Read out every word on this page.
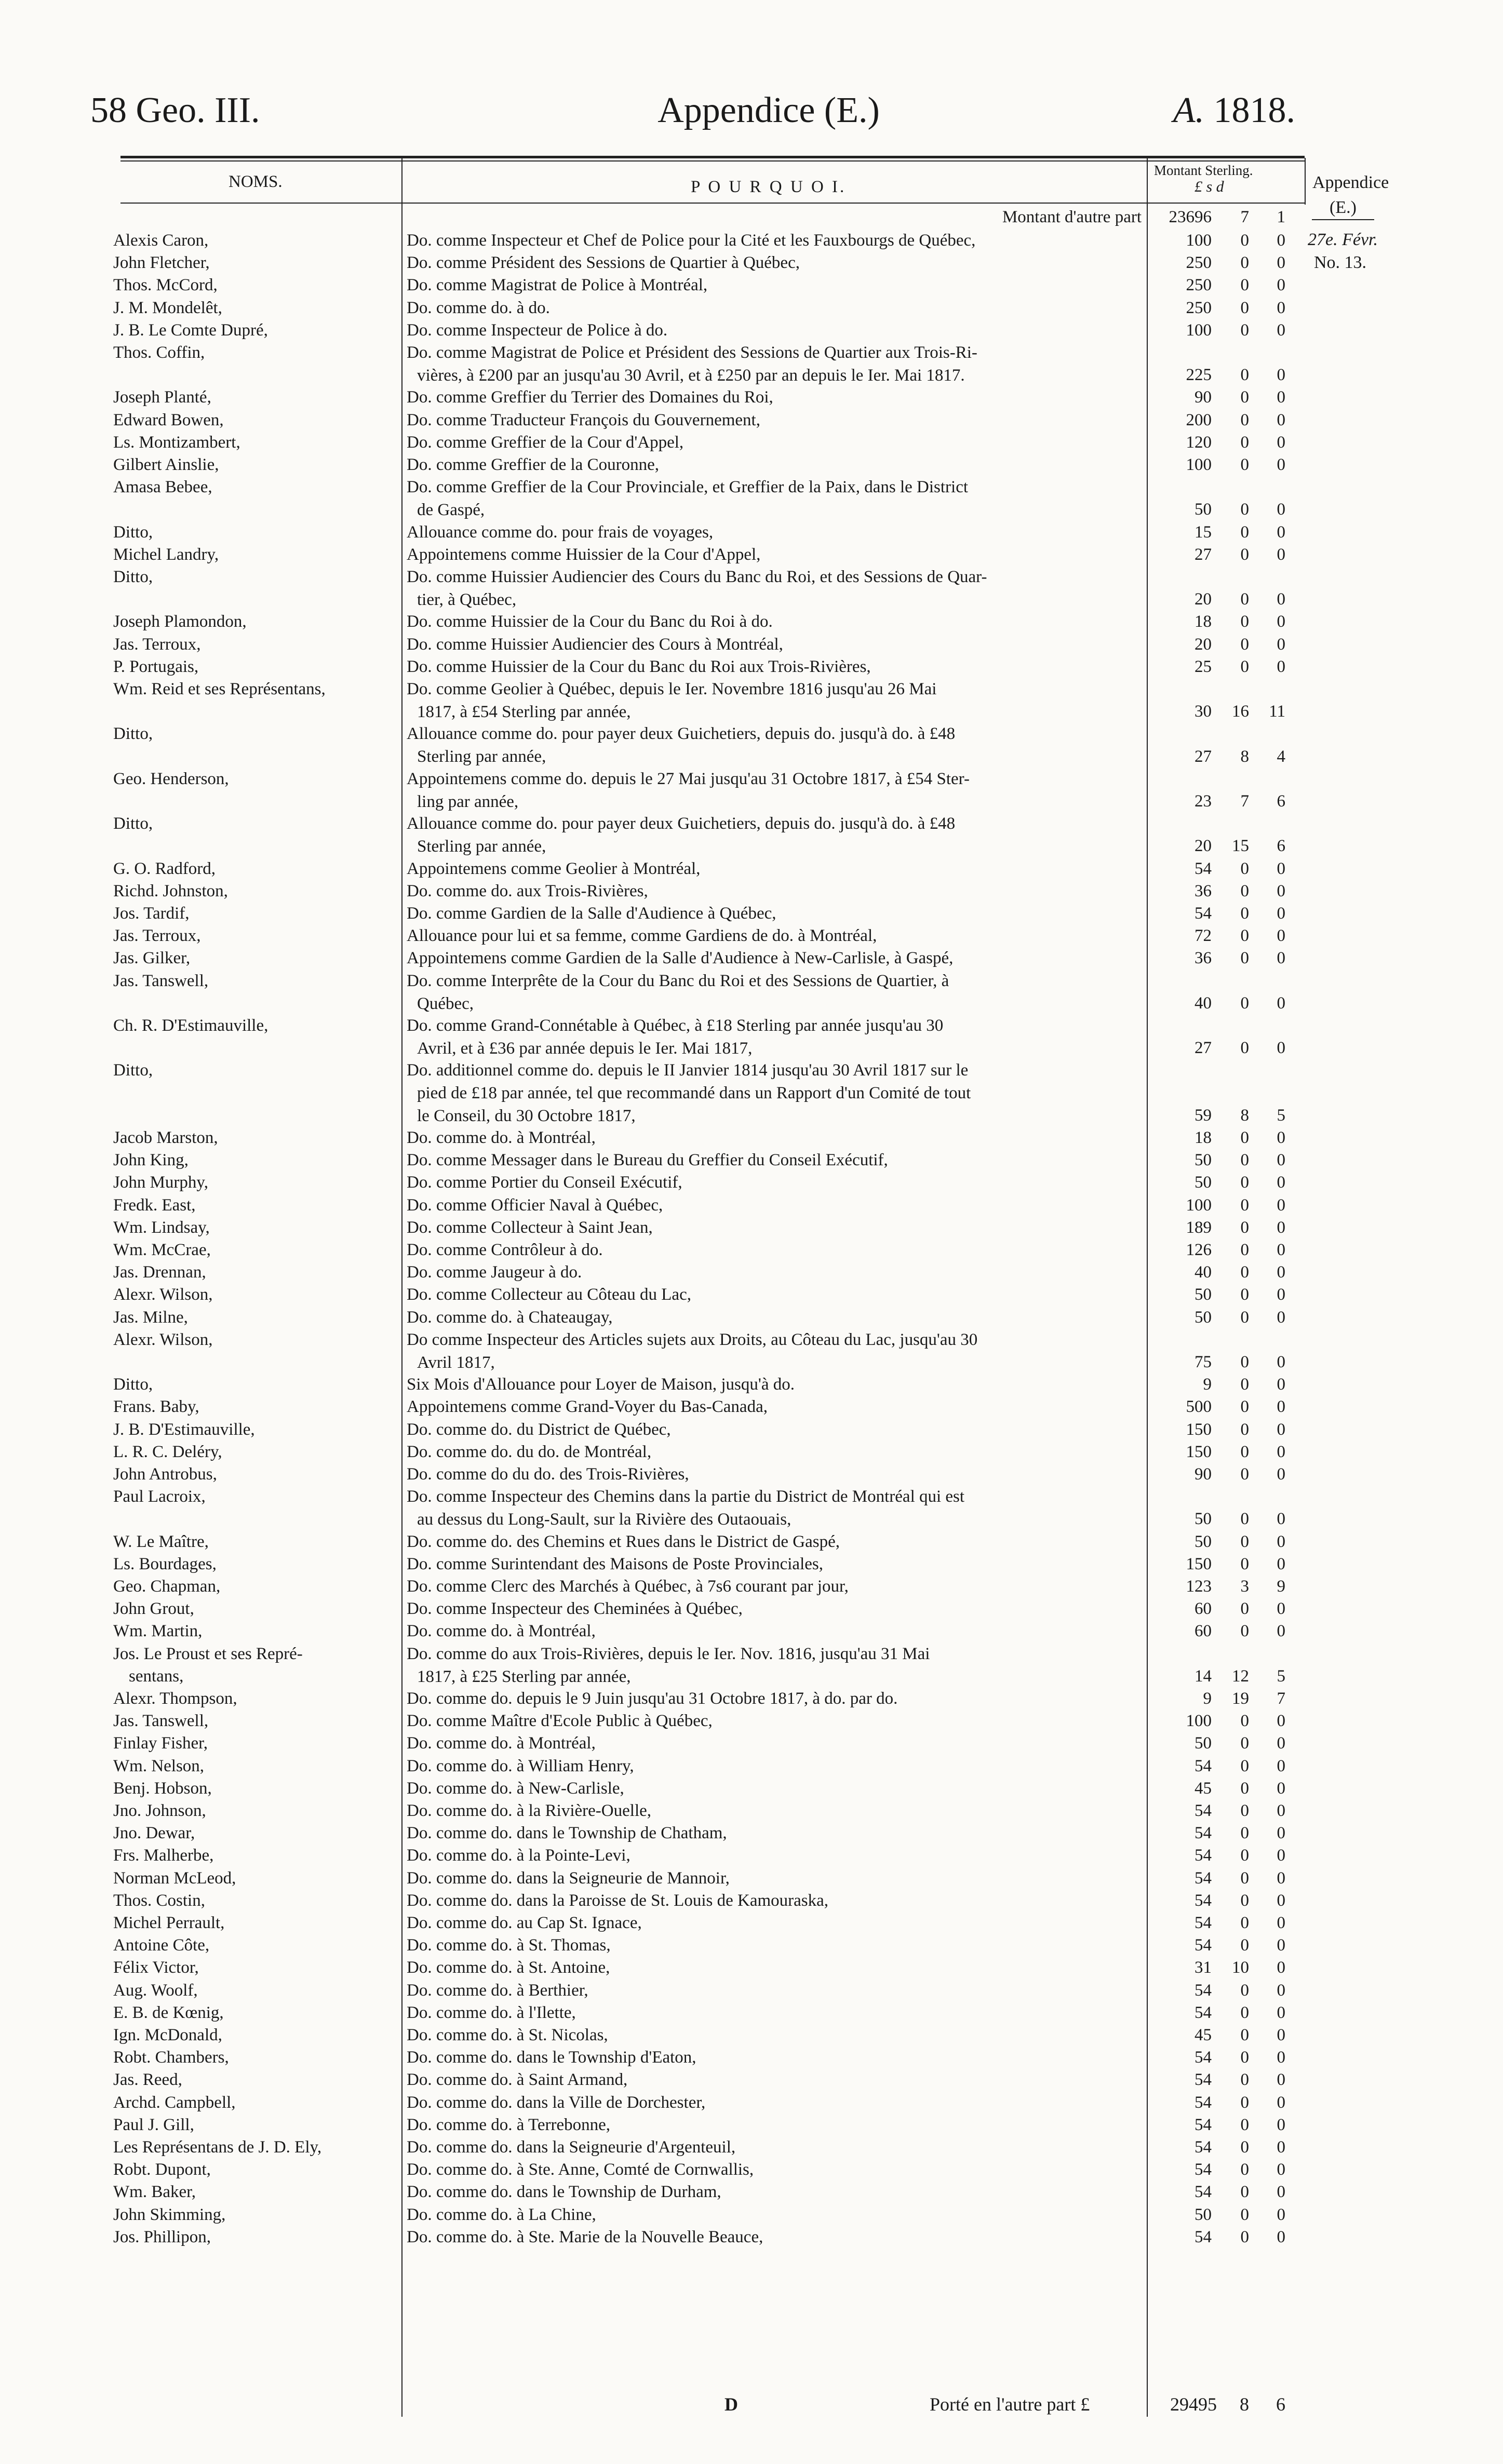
58 Geo. III.	Appendice (E.)	A. 1818.
NOMS.	P O U R Q U O I.
Montant Sterling.
£ s d	Appendice
(E.)
27e. Févr.
No. 13.
Montant d'autre part	23696	7	1
Alexis Caron,	Do. comme Inspecteur et Chef de Police pour la Cité et les Fauxbourgs de Québec,	100	0	0
John Fletcher,	Do. comme Président des Sessions de Quartier à Québec,	250	0	0
Thos. McCord,	Do. comme Magistrat de Police à Montréal,	250	0	0
J. M. Mondelêt,	Do. comme do. à do.	250	0	0
J. B. Le Comte Dupré,	Do. comme Inspecteur de Police à do.	100	0	0
Thos. Coffin,	Do. comme Magistrat de Police et Président des Sessions de Quartier aux Trois-Ri-
vières, à £200 par an jusqu'au 30 Avril, et à £250 par an depuis le Ier. Mai 1817.	225	0	0
Joseph Planté,	Do. comme Greffier du Terrier des Domaines du Roi,	90	0	0
Edward Bowen,	Do. comme Traducteur François du Gouvernement,	200	0	0
Ls. Montizambert,	Do. comme Greffier de la Cour d'Appel,	120	0	0
Gilbert Ainslie,	Do. comme Greffier de la Couronne,	100	0	0
Amasa Bebee,	Do. comme Greffier de la Cour Provinciale, et Greffier de la Paix, dans le District
de Gaspé,	50	0	0
Ditto,	Allouance comme do. pour frais de voyages,	15	0	0
Michel Landry,	Appointemens comme Huissier de la Cour d'Appel,	27	0	0
Ditto,	Do. comme Huissier Audiencier des Cours du Banc du Roi, et des Sessions de Quar-
tier, à Québec,	20	0	0
Joseph Plamondon,	Do. comme Huissier de la Cour du Banc du Roi à do.	18	0	0
Jas. Terroux,	Do. comme Huissier Audiencier des Cours à Montréal,	20	0	0
P. Portugais,	Do. comme Huissier de la Cour du Banc du Roi aux Trois-Rivières,	25	0	0
Wm. Reid et ses Représentans,	Do. comme Geolier à Québec, depuis le Ier. Novembre 1816 jusqu'au 26 Mai
1817, à £54 Sterling par année,	30	16	11
Ditto,	Allouance comme do. pour payer deux Guichetiers, depuis do. jusqu'à do. à £48
Sterling par année,	27	8	4
Geo. Henderson,	Appointemens comme do. depuis le 27 Mai jusqu'au 31 Octobre 1817, à £54 Ster-
ling par année,	23	7	6
Ditto,	Allouance comme do. pour payer deux Guichetiers, depuis do. jusqu'à do. à £48
Sterling par année,	20	15	6
G. O. Radford,	Appointemens comme Geolier à Montréal,	54	0	0
Richd. Johnston,	Do. comme do. aux Trois-Rivières,	36	0	0
Jos. Tardif,	Do. comme Gardien de la Salle d'Audience à Québec,	54	0	0
Jas. Terroux,	Allouance pour lui et sa femme, comme Gardiens de do. à Montréal,	72	0	0
Jas. Gilker,	Appointemens comme Gardien de la Salle d'Audience à New-Carlisle, à Gaspé,	36	0	0
Jas. Tanswell,	Do. comme Interprête de la Cour du Banc du Roi et des Sessions de Quartier, à
Québec,	40	0	0
Ch. R. D'Estimauville,	Do. comme Grand-Connétable à Québec, à £18 Sterling par année jusqu'au 30
Avril, et à £36 par année depuis le Ier. Mai 1817,	27	0	0
Ditto,	Do. additionnel comme do. depuis le II Janvier 1814 jusqu'au 30 Avril 1817 sur le
pied de £18 par année, tel que recommandé dans un Rapport d'un Comité de tout
le Conseil, du 30 Octobre 1817,	59	8	5
Jacob Marston,	Do. comme do. à Montréal,	18	0	0
John King,	Do. comme Messager dans le Bureau du Greffier du Conseil Exécutif,	50	0	0
John Murphy,	Do. comme Portier du Conseil Exécutif,	50	0	0
Fredk. East,	Do. comme Officier Naval à Québec,	100	0	0
Wm. Lindsay,	Do. comme Collecteur à Saint Jean,	189	0	0
Wm. McCrae,	Do. comme Contrôleur à do.	126	0	0
Jas. Drennan,	Do. comme Jaugeur à do.	40	0	0
Alexr. Wilson,	Do. comme Collecteur au Côteau du Lac,	50	0	0
Jas. Milne,	Do. comme do. à Chateaugay,	50	0	0
Alexr. Wilson,	Do comme Inspecteur des Articles sujets aux Droits, au Côteau du Lac, jusqu'au 30
Avril 1817,	75	0	0
Ditto,	Six Mois d'Allouance pour Loyer de Maison, jusqu'à do.	9	0	0
Frans. Baby,	Appointemens comme Grand-Voyer du Bas-Canada,	500	0	0
J. B. D'Estimauville,	Do. comme do. du District de Québec,	150	0	0
L. R. C. Deléry,	Do. comme do. du do. de Montréal,	150	0	0
John Antrobus,	Do. comme do du do. des Trois-Rivières,	90	0	0
Paul Lacroix,	Do. comme Inspecteur des Chemins dans la partie du District de Montréal qui est
au dessus du Long-Sault, sur la Rivière des Outaouais,	50	0	0
W. Le Maître,	Do. comme do. des Chemins et Rues dans le District de Gaspé,	50	0	0
Ls. Bourdages,	Do. comme Surintendant des Maisons de Poste Provinciales,	150	0	0
Geo. Chapman,	Do. comme Clerc des Marchés à Québec, à 7s6 courant par jour,	123	3	9
John Grout,	Do. comme Inspecteur des Cheminées à Québec,	60	0	0
Wm. Martin,	Do. comme do. à Montréal,	60	0	0
Jos. Le Proust et ses Repré-
sentans,
Do. comme do aux Trois-Rivières, depuis le Ier. Nov. 1816, jusqu'au 31 Mai
1817, à £25 Sterling par année,	14	12	5
Alexr. Thompson,	Do. comme do. depuis le 9 Juin jusqu'au 31 Octobre 1817, à do. par do.	9	19	7
Jas. Tanswell,	Do. comme Maître d'Ecole Public à Québec,	100	0	0
Finlay Fisher,	Do. comme do. à Montréal,	50	0	0
Wm. Nelson,	Do. comme do. à William Henry,	54	0	0
Benj. Hobson,	Do. comme do. à New-Carlisle,	45	0	0
Jno. Johnson,	Do. comme do. à la Rivière-Ouelle,	54	0	0
Jno. Dewar,	Do. comme do. dans le Township de Chatham,	54	0	0
Frs. Malherbe,	Do. comme do. à la Pointe-Levi,	54	0	0
Norman McLeod,	Do. comme do. dans la Seigneurie de Mannoir,	54	0	0
Thos. Costin,	Do. comme do. dans la Paroisse de St. Louis de Kamouraska,	54	0	0
Michel Perrault,	Do. comme do. au Cap St. Ignace,	54	0	0
Antoine Côte,	Do. comme do. à St. Thomas,	54	0	0
Félix Victor,	Do. comme do. à St. Antoine,	31	10	0
Aug. Woolf,	Do. comme do. à Berthier,	54	0	0
E. B. de Kœnig,	Do. comme do. à l'Ilette,	54	0	0
Ign. McDonald,	Do. comme do. à St. Nicolas,	45	0	0
Robt. Chambers,	Do. comme do. dans le Township d'Eaton,	54	0	0
Jas. Reed,	Do. comme do. à Saint Armand,	54	0	0
Archd. Campbell,	Do. comme do. dans la Ville de Dorchester,	54	0	0
Paul J. Gill,	Do. comme do. à Terrebonne,	54	0	0
Les Représentans de J. D. Ely,	Do. comme do. dans la Seigneurie d'Argenteuil,	54	0	0
Robt. Dupont,	Do. comme do. à Ste. Anne, Comté de Cornwallis,	54	0	0
Wm. Baker,	Do. comme do. dans le Township de Durham,	54	0	0
John Skimming,	Do. comme do. à La Chine,	50	0	0
Jos. Phillipon,	Do. comme do. à Ste. Marie de la Nouvelle Beauce,	54	0	0
D	Porté en l'autre part £	29495	8	6
